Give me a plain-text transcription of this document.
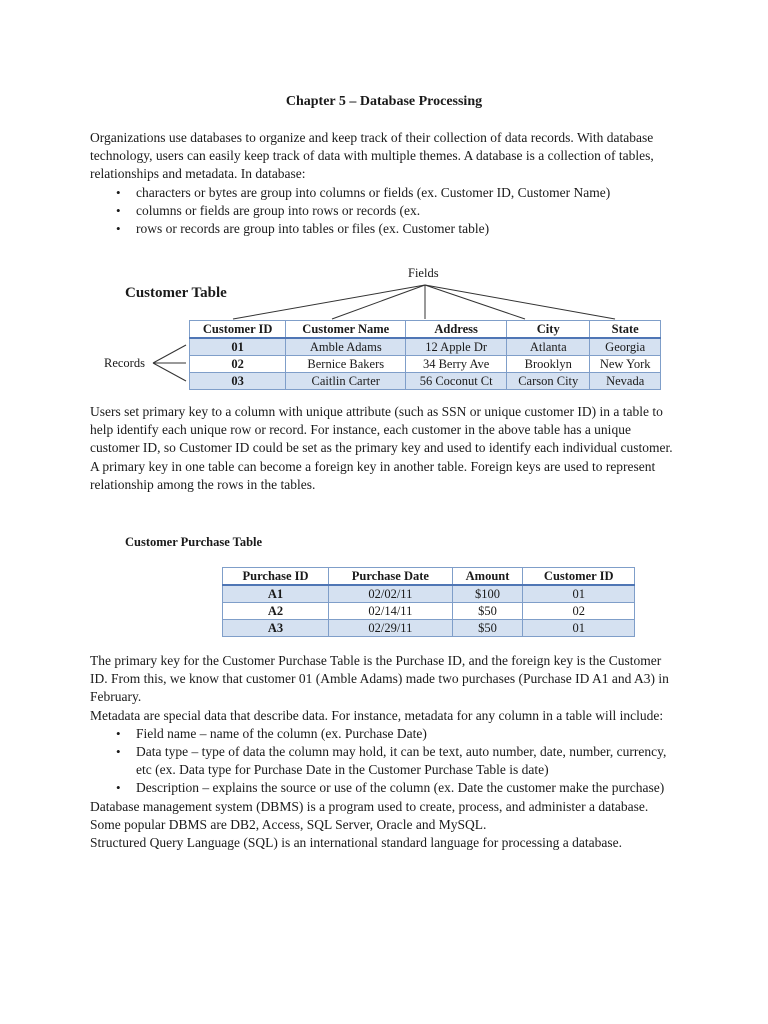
Chapter 5 – Database Processing

Organizations use databases to organize and keep track of their collection of data records. With database technology, users can easily keep track of data with multiple themes. A database is a collection of tables, relationships and metadata. In database:

• characters or bytes are group into columns or fields (ex. Customer ID, Customer Name)
• columns or fields are group into rows or records (ex.
• rows or records are group into tables or files (ex. Customer table)
Customer Table
Fields
Records
Customer ID	Customer Name	Address	City	State
01	Amble Adams	12 Apple Dr	Atlanta	Georgia
02	Bernice Bakers	34 Berry Ave	Brooklyn	New York
03	Caitlin Carter	56 Coconut Ct	Carson City	Nevada

Users set primary key to a column with unique attribute (such as SSN or unique customer ID) in a table to help identify each unique row or record. For instance, each customer in the above table has a unique customer ID, so Customer ID could be set as the primary key and used to identify each individual customer.

A primary key in one table can become a foreign key in another table. Foreign keys are used to represent relationship among the rows in the tables.

Customer Purchase Table
Purchase ID	Purchase Date	Amount	Customer ID
A1	02/02/11	$100	01
A2	02/14/11	$50	02
A3	02/29/11	$50	01

The primary key for the Customer Purchase Table is the Purchase ID, and the foreign key is the Customer ID. From this, we know that customer 01 (Amble Adams) made two purchases (Purchase ID A1 and A3) in February.

Metadata are special data that describe data. For instance, metadata for any column in a table will include:

• Field name – name of the column (ex. Purchase Date)
• Data type – type of data the column may hold, it can be text, auto number, date, number, currency, etc (ex. Data type for Purchase Date in the Customer Purchase Table is date)
• Description – explains the source or use of the column (ex. Date the customer make the purchase)

Database management system (DBMS) is a program used to create, process, and administer a database. Some popular DBMS are DB2, Access, SQL Server, Oracle and MySQL.

Structured Query Language (SQL) is an international standard language for processing a database.
